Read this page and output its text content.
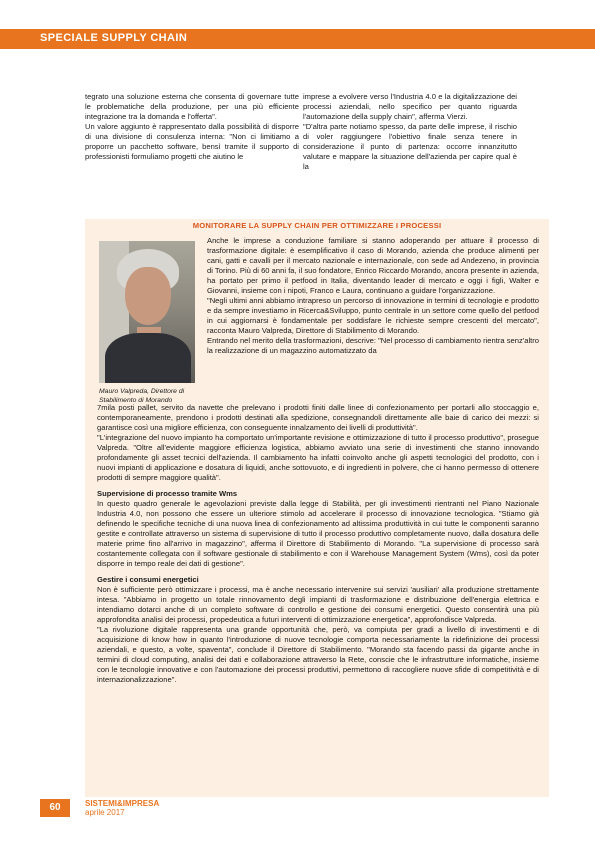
SPECIALE SUPPLY CHAIN

tegrato una soluzione esterna che consenta di governare tutte le problematiche della produzione, per una più efficiente integrazione tra la domanda e l'offerta".

Un valore aggiunto è rappresentato dalla possibilità di disporre di una divisione di consulenza interna: "Non ci limitiamo a proporre un pacchetto software, bensì tramite il supporto di professionisti formuliamo progetti che aiutino le

imprese a evolvere verso l'Industria 4.0 e la digitalizzazione dei processi aziendali, nello specifico per quanto riguarda l'automazione della supply chain", afferma Vierzi.

"D'altra parte notiamo spesso, da parte delle imprese, il rischio di voler raggiungere l'obiettivo finale senza tenere in considerazione il punto di partenza: occorre innanzitutto valutare e mappare la situazione dell'azienda per capire qual è la

MONITORARE LA SUPPLY CHAIN PER OTTIMIZZARE I PROCESSI
Mauro Valpreda, Direttore di Stabilimento di Morando

Anche le imprese a conduzione familiare si stanno adoperando per attuare il processo di trasformazione digitale: è esemplificativo il caso di Morando, azienda che produce alimenti per cani, gatti e cavalli per il mercato nazionale e internazionale, con sede ad Andezeno, in provincia di Torino. Più di 60 anni fa, il suo fondatore, Enrico Riccardo Morando, ancora presente in azienda, ha portato per primo il petfood in Italia, diventando leader di mercato e oggi i figli, Walter e Giovanni, insieme con i nipoti, Franco e Laura, continuano a guidare l'organizzazione.

"Negli ultimi anni abbiamo intrapreso un percorso di innovazione in termini di tecnologie e prodotto e da sempre investiamo in Ricerca&Sviluppo, punto centrale in un settore come quello del petfood in cui aggiornarsi è fondamentale per soddisfare le richieste sempre crescenti del mercato", racconta Mauro Valpreda, Direttore di Stabilimento di Morando.

Entrando nel merito della trasformazioni, descrive: "Nel processo di cambiamento rientra senz'altro la realizzazione di un magazzino automatizzato da

7mila posti pallet, servito da navette che prelevano i prodotti finiti dalle linee di confezionamento per portarli allo stoccaggio e, contemporaneamente, prendono i prodotti destinati alla spedizione, consegnandoli direttamente alle baie di carico dei mezzi: si garantisce così una migliore efficienza, con conseguente innalzamento dei livelli di produttività".

"L'integrazione del nuovo impianto ha comportato un'importante revisione e ottimizzazione di tutto il processo produttivo", prosegue Valpreda. "Oltre all'evidente maggiore efficienza logistica, abbiamo avviato una serie di investimenti che stanno innovando profondamente gli asset tecnici dell'azienda. Il cambiamento ha infatti coinvolto anche gli aspetti tecnologici del prodotto, con i nuovi impianti di applicazione e dosatura di liquidi, anche sottovuoto, e di ingredienti in polvere, che ci hanno permesso di ottenere prodotti di sempre maggiore qualità".

Supervisione di processo tramite Wms

In questo quadro generale le agevolazioni previste dalla legge di Stabilità, per gli investimenti rientranti nel Piano Nazionale Industria 4.0, non possono che essere un ulteriore stimolo ad accelerare il processo di innovazione tecnologica. "Stiamo già definendo le specifiche tecniche di una nuova linea di confezionamento ad altissima produttività in cui tutte le componenti saranno gestite e controllate attraverso un sistema di supervisione di tutto il processo produttivo completamente nuovo, dalla dosatura delle materie prime fino all'arrivo in magazzino", afferma il Direttore di Stabilimento di Morando. "La supervisione di processo sarà costantemente collegata con il software gestionale di stabilimento e con il Warehouse Management System (Wms), così da poter disporre in tempo reale dei dati di gestione".

Gestire i consumi energetici

Non è sufficiente però ottimizzare i processi, ma è anche necessario intervenire sui servizi 'ausiliari' alla produzione strettamente intesa. "Abbiamo in progetto un totale rinnovamento degli impianti di trasformazione e distribuzione dell'energia elettrica e intendiamo dotarci anche di un completo software di controllo e gestione dei consumi energetici. Questo consentirà una più approfondita analisi dei processi, propedeutica a futuri interventi di ottimizzazione energetica", approfondisce Valpreda.

"La rivoluzione digitale rappresenta una grande opportunità che, però, va compiuta per gradi a livello di investimenti e di acquisizione di know how in quanto l'introduzione di nuove tecnologie comporta necessariamente la ridefinizione dei processi aziendali, e questo, a volte, spaventa", conclude il Direttore di Stabilimento. "Morando sta facendo passi da gigante anche in termini di cloud computing, analisi dei dati e collaborazione attraverso la Rete, conscie che le infrastrutture informatiche, insieme con le tecnologie innovative e con l'automazione dei processi produttivi, permettono di raccogliere nuove sfide di competitività e di internazionalizzazione".

60	SISTEMI&IMPRESA
aprile 2017
